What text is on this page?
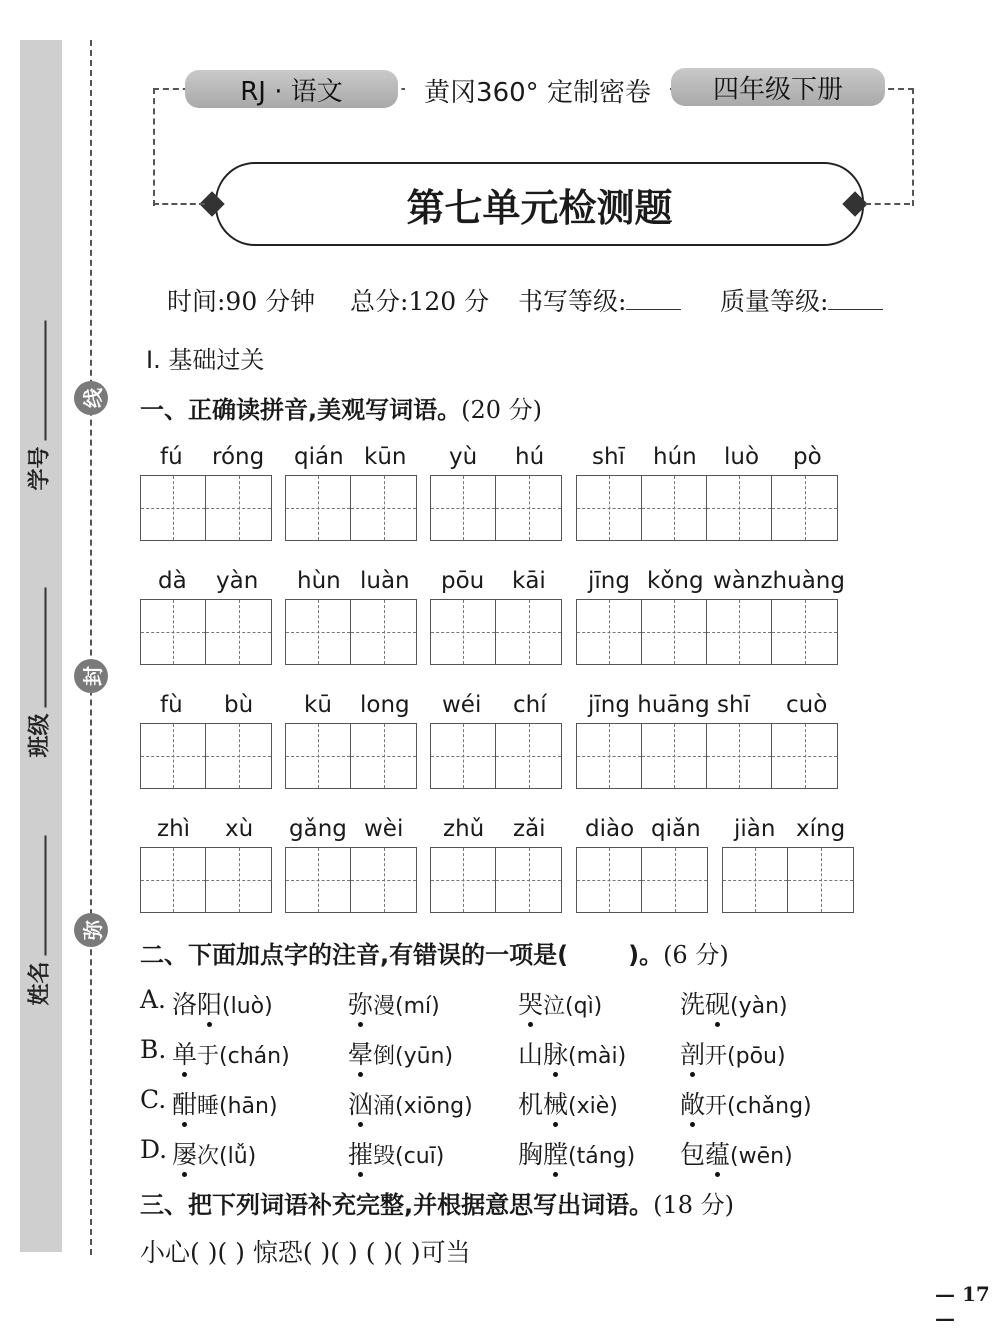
学号
班级
姓名
线
封
弥
RJ · 语文	黄冈360° 定制密卷	四年级下册
第七单元检测题
时间:90 分钟 总分:120 分 书写等级:	质量等级:
Ⅰ. 基础过关
一、正确读拼音,美观写词语。(20 分)
fú róng qián kūn yù hú shī hún luò pò
dà yàn hùn luàn pōu kāi jīng kǒng wànzhuàng
fù bù kū long wéi chí jīng huāng shī cuò
zhì xù gǎng wèi zhǔ zǎi diào qiǎn jiàn xíng
二、下面加点字的注音,有错误的一项是(	)。(6 分)
A. 洛阳(luò)	弥漫(mí)	哭泣(qì)	洗砚(yàn)
B. 单于(chán) 晕倒(yūn)	山脉(mài) 剖开(pōu)
C. 酣睡(hān)	汹涌(xiōng) 机械(xiè) 敞开(chǎng)
D. 屡次(lǚ)	摧毁(cuī)	胸膛(táng) 包蕴(wēn)
三、把下列词语补充完整,并根据意思写出词语。(18 分)
小心( )( ) 惊恐( )( ) ( )( )可当
— 17 —
